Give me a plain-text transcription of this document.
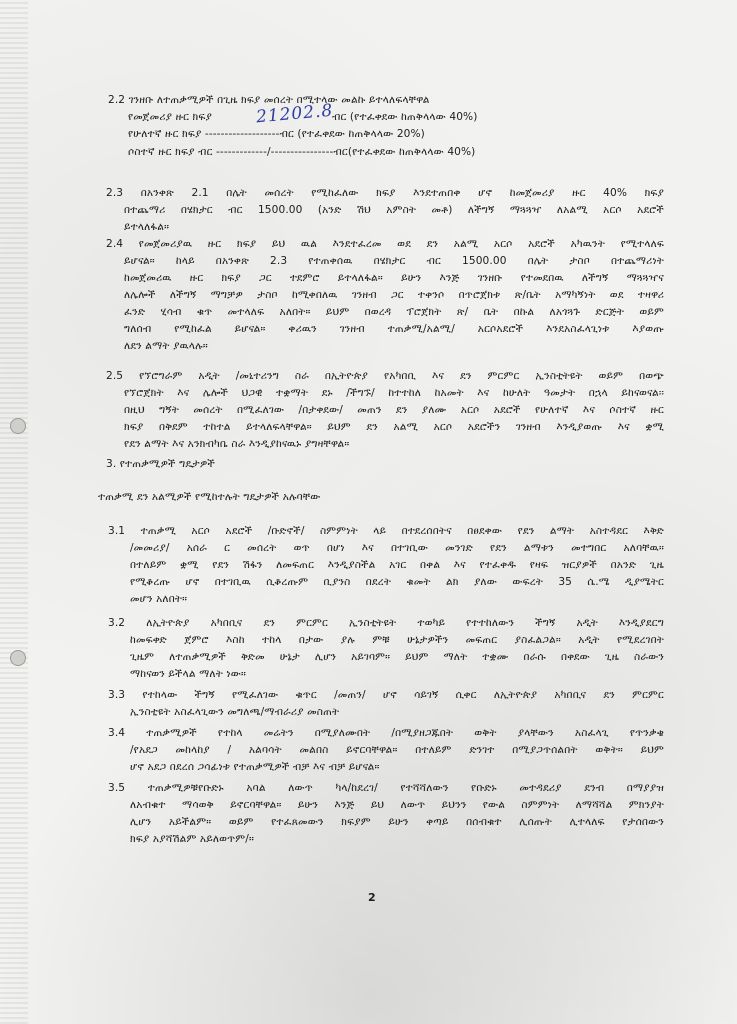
2.2 ገንዘቡ ለተጠቃሚዎች በጊዜ ክፍያ መሰረት በሚተላው መልኩ ይተላለፍላቸዋል
የመጀመሪያ ዙር ክፍያ	21202.8
ብር (የተፈቀደው ከጠቅላላው 40%)
የሁለተኛ ዙር ክፍያ -------------------ብር (የተፈቀደው ከጠቅላላው 20%)
ሶስተኛ ዙር ክፍያ ብር -------------/----------------ብር(የተፈቀደው ከጠቅላላው 40%)
2.3 በአንቀጽ 2.1 በሌት መሰረት የሚከፈለው ክፍያ እንደተጠበቀ ሆኖ ከመጀመሪያ ዙር 40% ክፍያ
በተጨማሪ በሄክታር ብር 1500.00 (አንድ ሽህ አምስት መቶ) ለችግኝ ማጓጓዣ ለአልሚ አርሶ አደሮች
ይተላለፋል።
2.4 የመጀመሪያዉ ዙር ክፍያ ይህ ዉል እንደተፈረመ ወደ ደን አልሚ አርሶ አደሮች አካዉንት የሚተላለፍ
ይሆናል። ከላይ በአንቀጽ 2.3 የተጠቀሰዉ በሄክታር ብር 1500.00 በሌት ታስቦ በተጨማሪነት
ከመጀመሪዉ ዙር ክፍያ ጋር ተደምሮ ይተላለፋል። ይሁን እንጅ ገንዘቡ የተመደበዉ ለችግኝ ማጓጓዣና
ለሌሎች ለችግኝ ማግቻዎ ታስቦ ከሚቀበለዉ ገንዘብ ጋር ተቀንሶ በጥሮጀክቱ ጽ/ቤት አማካኝነት ወደ ተዛዋሪ
ፈንድ ሂሳብ ቁጥ መተላለፍ አለበት። ይህም በወረዳ ፕሮጀክት ጽ/ ቤት በኩል ለአጎጓጉ ድርጅት ወይም
ግለሰብ የሚከፈል ይሆናል። ቀሪዉን ገንዘብ ተጠቃሚ/አልሚ/ አርሶአደሮች እንደአስፈላጊነቱ እያወጡ
ለደን ልማት ያዉላሉ።
2.5 የኘሮግራም አዲት /መኒተሪንግ ስራ በኢትዮጵያ የአካበቢ እና ደን ምርምር ኢንስቲትዩት ወይም በወጭ
የኘሮጀክት እና ሌሎች ህጋዊ ተቋማት ደኑ /ችግኙ/ ከተተከለ ከአመት እና ከሁለት ዓመታት በኋላ ይከናወናል፡፡
በዚህ ግኝት መሰረት በሚፈለገው /በታቀደው/ መጠን ደን ያለሙ አርሶ አደሮች የሁለተኛ እና ሶስተኛ ዙር
ክፍያ በቅደም ተከተል ይተላለፍላቸዋል። ይህም ደን አልሚ አርሶ አደሮችን ገንዘብ እንዲያወጡ እና ቋሚ
የደን ልማት እና አንክብካቤ ስራ እንዲያከናዉኑ ያግዛቸዋል።
3. የተጠቃሚዎች ግዴታዎች
ተጠቃሚ ደን አልሚዎች የሚከተሉት ግዴታዎች አሉባቸው
3.1 ተጠቃሚ አርሶ አደሮች /ቡድኖች/ ስምምነት ላይ በተደረሰበትና በፀደቀው የደን ልማት አስተዳደር እቅድ
/መመሪያ/ አሰራ ር መሰረት ወጥ በሆነ እና በተገቢው መንገድ የደን ልማቱን መተግበር አለባቸዉ።
በተለይም ቋሚ የደን ሽፋን ለመፍጠር እንዲያስችል አገር በቀል እና የተፈቀዱ የዛፍ ዝርያዎች በአንድ ጊዜ
የሚቆረጡ ሆኖ በተገቢዉ ሲቆረጡም ቢያንስ በደረት ቁመት ልክ ያለው ውፍረት 35 ሴ.ሜ ዲያሜትር
መሆን አለበት።
3.2 ለኢትዮጵያ አካበቢና ደን ምርምር ኢንስቲትዩት ተወካይ የተተከለውን ችግኝ አዲት እንዲያደርግ
ከመፍቀድ ጀምሮ እስከ ተከላ በታው ያሉ ምቹ ሁኔታዎችን መፍጠር ያስፈልጋል። አዲት የሚደረገበት
ጊዜም ለተጠቃሚዎች ቅድመ ሁኔታ ሊሆን አይገባም። ይህም ማለት ተቋሙ በራሱ በቀደው ጊዜ ስራውን
ማከናወን ይችላል ማለት ነው።
3.3 የተከላው ችግኝ የሚፈለገው ቁጥር /መጠን/ ሆኖ ሳይገኝ ሲቀር ለኢትዮጵያ አካበቢና ደን ምርምር
ኢንስቲዩት አስፈላጊውን መግለጫ/ማብራሪያ መስጠት
3.4 ተጠቃሚዎች የተከላ መሬትን በሚያለሙበት /በሚያዘጋጁበት ወቅት ያላቸውን አስፈላጊ የጥንቃቄ
/የአደጋ መከላከያ / አልባሳት መልበስ ይኖርባቸዋል። በተለይም ድንገተ በሚያጋጥሰልበት ወቅት። ይህም
ሆኖ አደጋ በደረሰ ጋሳፊነቱ የተጠቃሚዎች ብቻ እና ብቻ ይሆናል።
3.5 ተጠቃሚዎቹየቡድኑ አባል ለውጥ ካላ/ከደረገ/ የተሻሻለውን የቡድኑ መተዳደሪያ ደንብ በማያያዝ
ለአብቁተ ማሳወቅ ይኖርባቸዋል። ይሁን እንጅ ይህ ለውጥ ይህንን የውል ስምምነት ለማሻሻል ምክንያት
ሊሆን አይችልም። ወይም የተፈጸመውን ክፍያም ይሁን ቀጣይ በሰብቁተ ሊሰጡት ሊተላለፍ የታሰበውን
ክፍያ አያሻሽልም አይለወጥም/።
2
